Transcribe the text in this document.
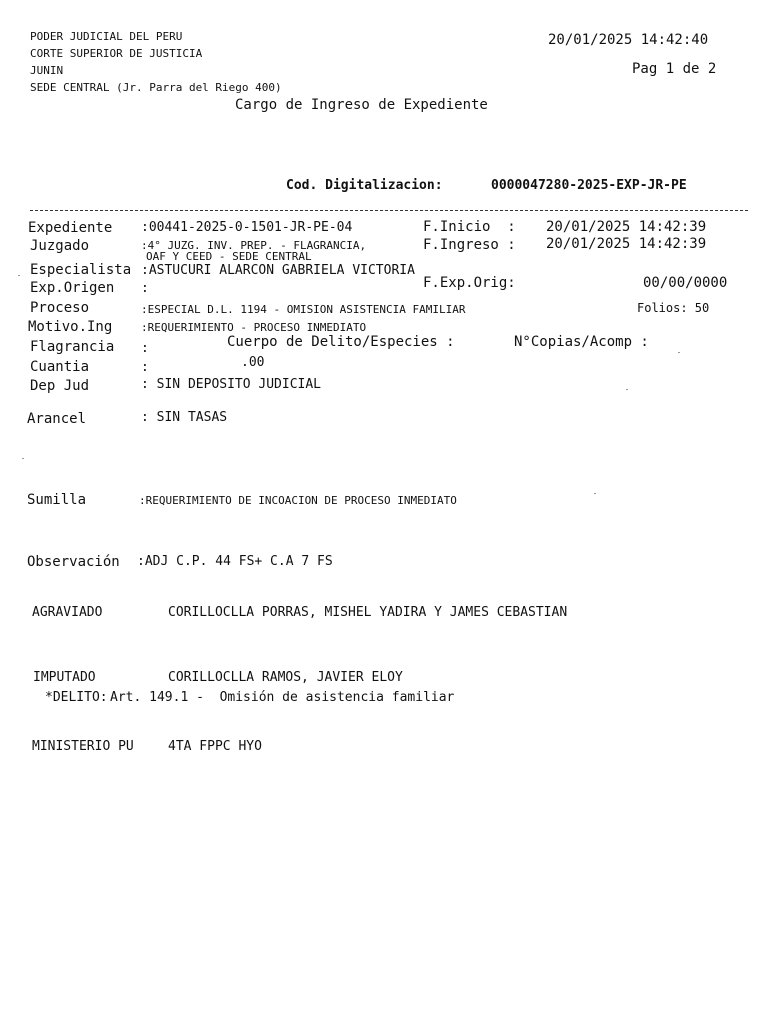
PODER JUDICIAL DEL PERU
CORTE SUPERIOR DE JUSTICIA
JUNIN
SEDE CENTRAL (Jr. Parra del Riego 400)
20/01/2025 14:42:40
Pag 1 de 2
Cargo de Ingreso de Expediente
Cod. Digitalizacion:	0000047280-2025-EXP-JR-PE
Expediente :00441-2025-0-1501-JR-PE-04	F.Inicio  : 20/01/2025 14:42:39
Juzgado	:4° JUZG. INV. PREP. - FLAGRANCIA,
OAF Y CEED - SEDE CENTRAL
F.Ingreso : 20/01/2025 14:42:39
Especialista :ASTUCURI ALARCON GABRIELA VICTORIA
Exp.Origen :	F.Exp.Orig:	00/00/0000
Proceso	:ESPECIAL D.L. 1194 - OMISION ASISTENCIA FAMILIAR	Folios: 50
Motivo.Ing	:REQUERIMIENTO - PROCESO INMEDIATO
Flagrancia :	Cuerpo de Delito/Especies :	N°Copias/Acomp :
Cuantia	:	.00
Dep Jud	: SIN DEPOSITO JUDICIAL
Arancel	: SIN TASAS
Sumilla	:REQUERIMIENTO DE INCOACION DE PROCESO INMEDIATO
Observación :ADJ C.P. 44 FS+ C.A 7 FS
AGRAVIADO	CORILLOCLLA PORRAS, MISHEL YADIRA Y JAMES CEBASTIAN
IMPUTADO	CORILLOCLLA RAMOS, JAVIER ELOY
*DELITO: Art. 149.1 -  Omisión de asistencia familiar
MINISTERIO PU	4TA FPPC HYO
